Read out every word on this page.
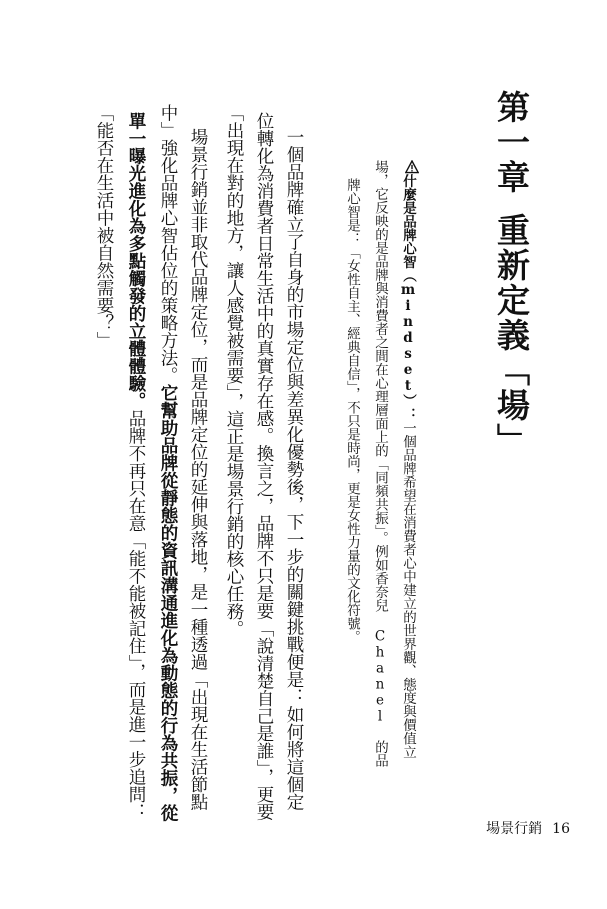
第一章重新定義「場」

什麼是品牌心智（mindset）：一個品牌希望在消費者心中建立的世界觀、態度與價值立

場，它反映的是品牌與消費者之間在心理層面上的「同頻共振」。例如香奈兒 Chanel 的品

牌心智是：「女性自主、經典自信」，不只是時尚，更是女性力量的文化符號。

一個品牌確立了自身的市場定位與差異化優勢後，下一步的關鍵挑戰便是：如何將這個定

位轉化為消費者日常生活中的真實存在感。換言之，品牌不只是要「說清楚自己是誰」，更要

「出現在對的地方，讓人感覺被需要」，這正是場景行銷的核心任務。

場景行銷並非取代品牌定位，而是品牌定位的延伸與落地，是一種透過「出現在生活節點

中」強化品牌心智佔位的策略方法。它幫助品牌從靜態的資訊溝通進化為動態的行為共振，從

單一曝光進化為多點觸發的立體體驗。品牌不再只在意「能不能被記住」，而是進一步追問：

「能否在生活中被自然需要？」

場景行銷 16
